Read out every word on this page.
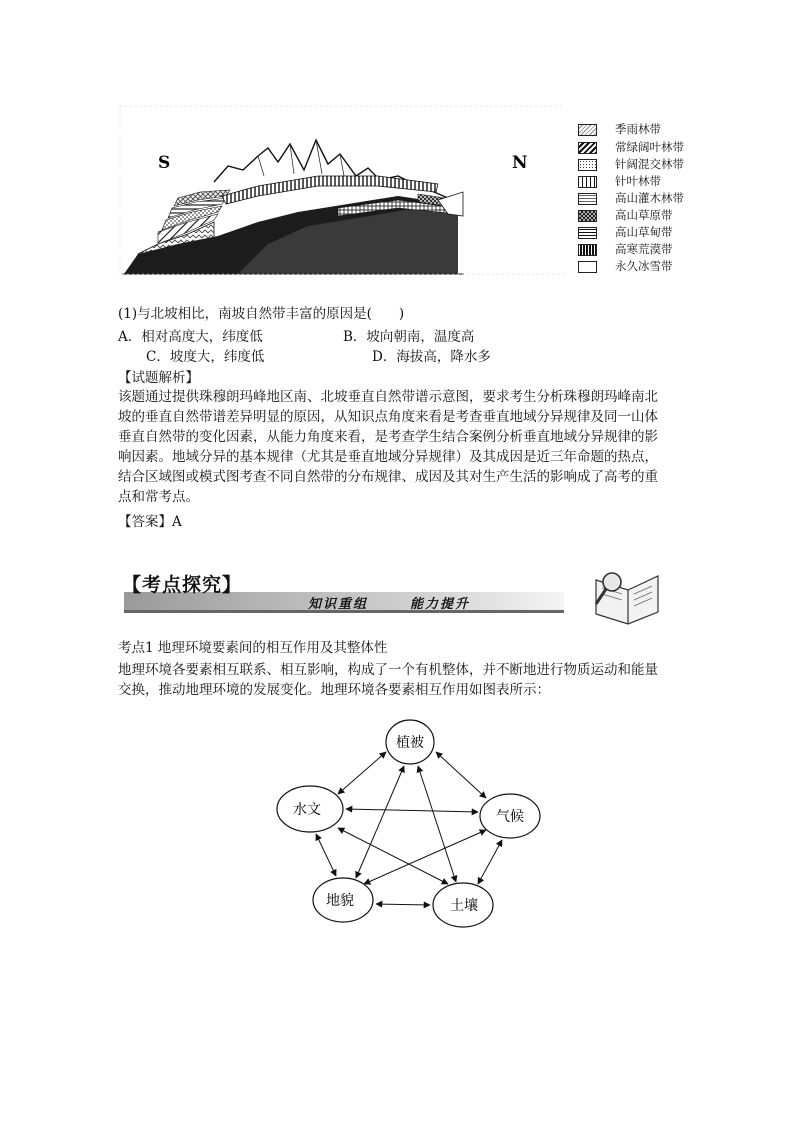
S	N
季雨林带
常绿阔叶林带
针阔混交林带
针叶林带
高山灌木林带
高山草原带
高山草甸带
高寒荒漠带
永久冰雪带
(1)与北坡相比，南坡自然带丰富的原因是(　　)
A．相对高度大，纬度低	B．坡向朝南，温度高
C．坡度大，纬度低	D．海拔高，降水多
【试题解析】
该题通过提供珠穆朗玛峰地区南、北坡垂直自然带谱示意图，要求考生分析珠穆朗玛峰南北
坡的垂直自然带谱差异明显的原因，从知识点角度来看是考查垂直地域分异规律及同一山体
垂直自然带的变化因素，从能力角度来看，是考查学生结合案例分析垂直地域分异规律的影
响因素。地域分异的基本规律（尤其是垂直地域分异规律）及其成因是近三年命题的热点，
结合区域图或模式图考查不同自然带的分布规律、成因及其对生产生活的影响成了高考的重
点和常考点。
【答案】A
【考点探究】
知识重组	能力提升
考点1 地理环境要素间的相互作用及其整体性
地理环境各要素相互联系、相互影响，构成了一个有机整体，并不断地进行物质运动和能量
交换，推动地理环境的发展变化。地理环境各要素相互作用如图表所示：
植被
水文	气候
地貌	土壤
